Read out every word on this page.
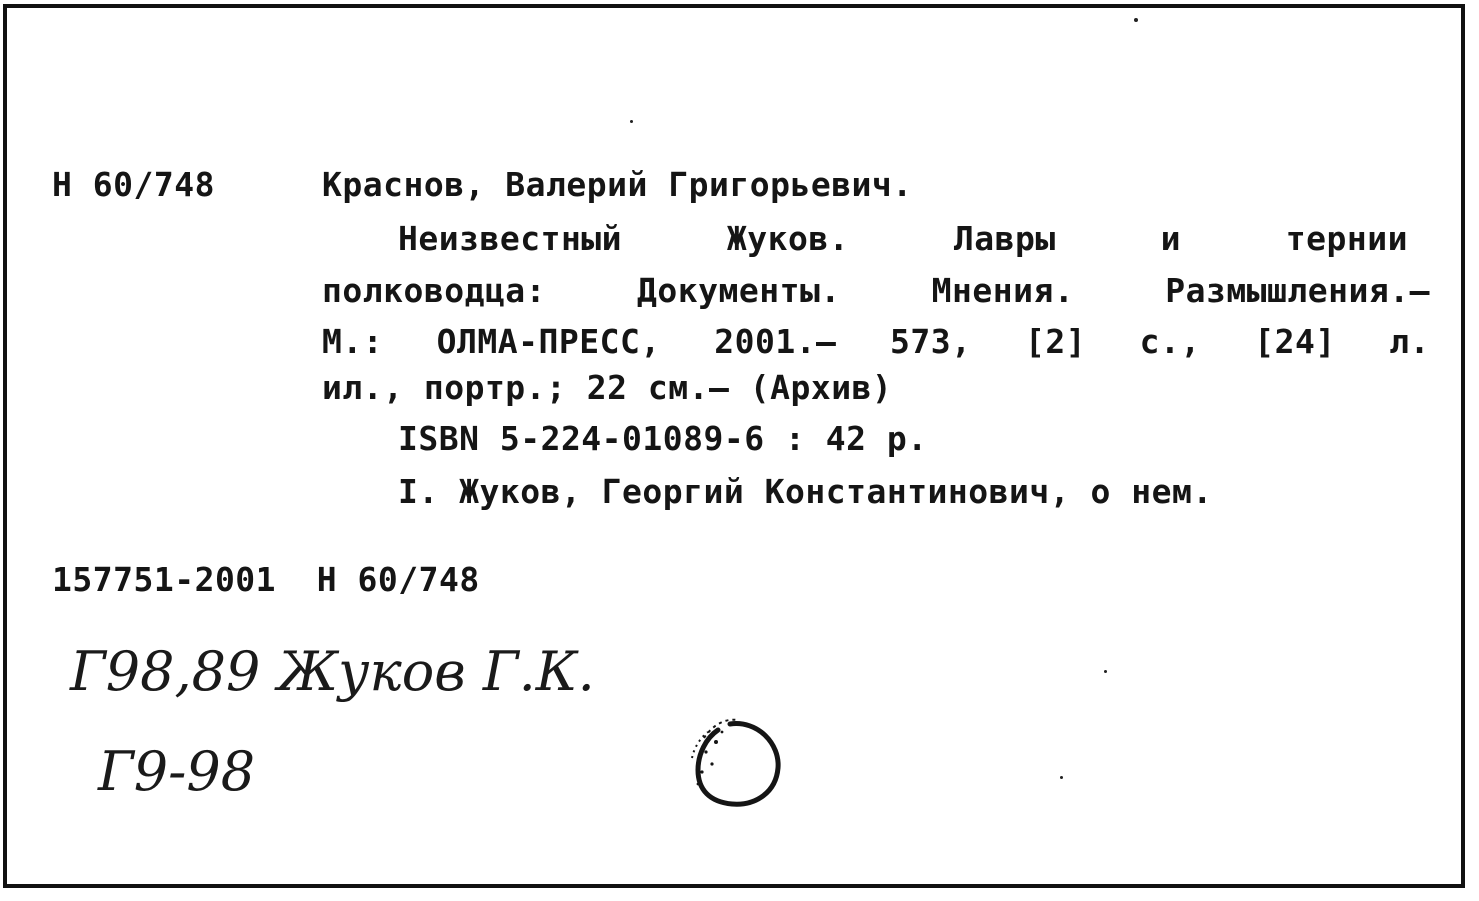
Н 60/748	Краснов, Валерий Григорьевич.
Неизвестный Жуков. Лавры и тернии
полководца: Документы. Мнения. Размышления.–
М.: ОЛМА-ПРЕСС, 2001.– 573, [2] с., [24] л.
ил., портр.; 22 см.– (Архив)
ISBN 5-224-01089-6 : 42 р.
I. Жуков, Георгий Константинович, о нем.
157751-2001  Н 60/748
Г98,89 Жуков Г.К.
Г9-98
